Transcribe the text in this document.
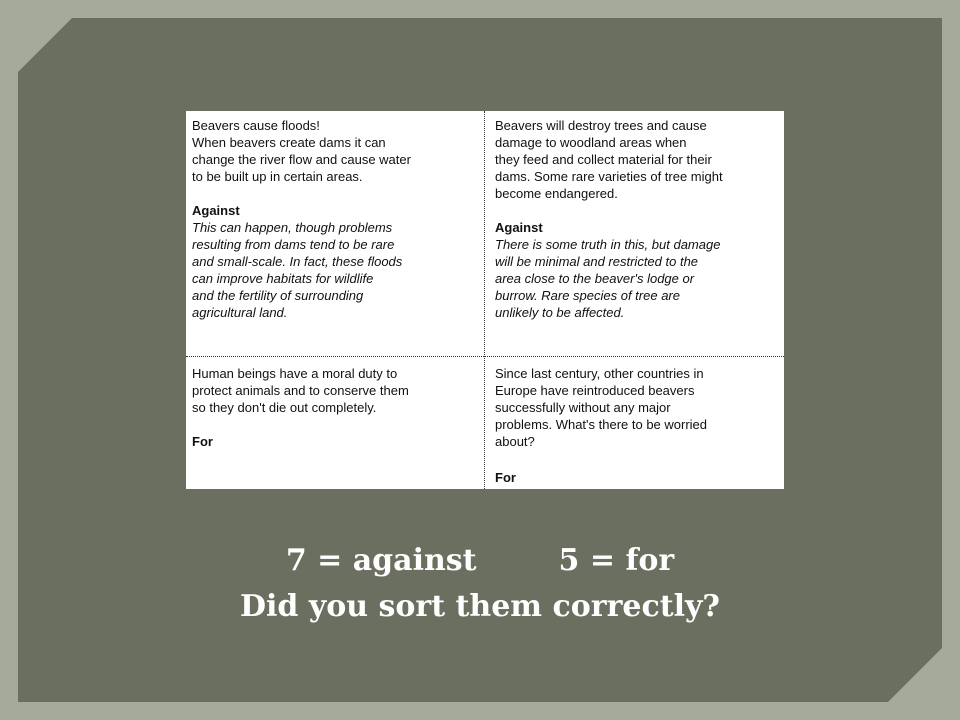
Beavers cause floods!

When beavers create dams it can

change the river flow and cause water

to be built up in certain areas.

Against

This can happen, though problems

resulting from dams tend to be rare

and small-scale. In fact, these floods

can improve habitats for wildlife

and the fertility of surrounding

agricultural land.

Beavers will destroy trees and cause

damage to woodland areas when

they feed and collect material for their

dams. Some rare varieties of tree might

become endangered.

Against

There is some truth in this, but damage

will be minimal and restricted to the

area close to the beaver's lodge or

burrow. Rare species of tree are

unlikely to be affected.

Human beings have a moral duty to

protect animals and to conserve them

so they don't die out completely.

For

Since last century, other countries in

Europe have reintroduced beavers

successfully without any major

problems. What's there to be worried

about?

For

7 = against	5 = for
Did you sort them correctly?
